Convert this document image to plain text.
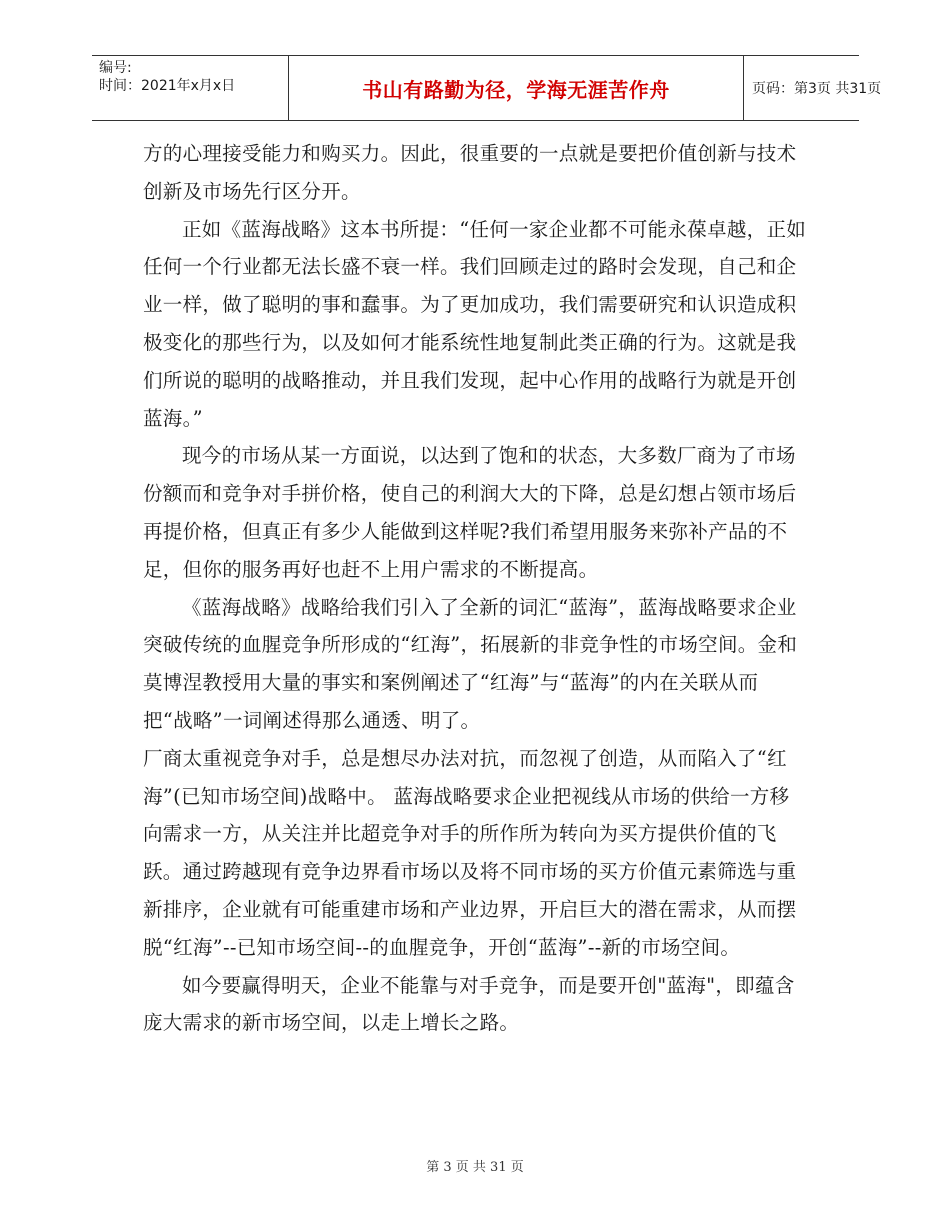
编号:
时间：2021年x月x日	书山有路勤为径，学海无涯苦作舟	页码：第3页 共31页

方的心理接受能力和购买力。因此，很重要的一点就是要把价值创新与技术创新及市场先行区分开。

正如《蓝海战略》这本书所提：“任何一家企业都不可能永葆卓越，正如任何一个行业都无法长盛不衰一样。我们回顾走过的路时会发现，自己和企业一样，做了聪明的事和蠢事。为了更加成功，我们需要研究和认识造成积极变化的那些行为，以及如何才能系统性地复制此类正确的行为。这就是我们所说的聪明的战略推动，并且我们发现，起中心作用的战略行为就是开创蓝海。”

现今的市场从某一方面说，以达到了饱和的状态，大多数厂商为了市场份额而和竞争对手拼价格，使自己的利润大大的下降，总是幻想占领市场后再提价格，但真正有多少人能做到这样呢?我们希望用服务来弥补产品的不足，但你的服务再好也赶不上用户需求的不断提高。

《蓝海战略》战略给我们引入了全新的词汇“蓝海”，蓝海战略要求企业突破传统的血腥竞争所形成的“红海”，拓展新的非竞争性的市场空间。金和莫博涅教授用大量的事实和案例阐述了“红海”与“蓝海”的内在关联从而把“战略”一词阐述得那么通透、明了。

厂商太重视竞争对手，总是想尽办法对抗，而忽视了创造，从而陷入了“红海”(已知市场空间)战略中。 蓝海战略要求企业把视线从市场的供给一方移向需求一方，从关注并比超竞争对手的所作所为转向为买方提供价值的飞跃。通过跨越现有竞争边界看市场以及将不同市场的买方价值元素筛选与重新排序，企业就有可能重建市场和产业边界，开启巨大的潜在需求，从而摆脱“红海”--已知市场空间--的血腥竞争，开创“蓝海”--新的市场空间。

如今要赢得明天，企业不能靠与对手竞争，而是要开创"蓝海"，即蕴含庞大需求的新市场空间，以走上增长之路。

第 3 页 共 31 页
